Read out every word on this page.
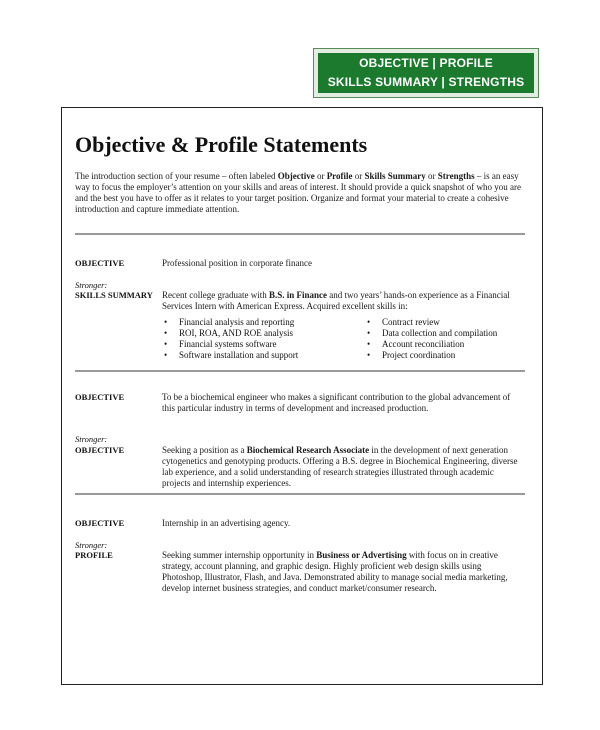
OBJECTIVE | PROFILE
SKILLS SUMMARY | STRENGTHS
Objective & Profile Statements

The introduction section of your resume – often labeled Objective or Profile or Skills Summary or Strengths – is an easy way to focus the employer’s attention on your skills and areas of interest. It should provide a quick snapshot of who you are and the best you have to offer as it relates to your target position. Organize and format your material to create a cohesive introduction and capture immediate attention.

OBJECTIVE	Professional position in corporate finance

Stronger:

SKILLS SUMMARY Recent college graduate with B.S. in Finance and two years’ hands-on experience as a Financial Services Intern with American Express. Acquired excellent skills in:

• Financial analysis and reporting
• ROI, ROA, AND ROE analysis
• Financial systems software
• Software installation and support
• Contract review
• Data collection and compilation
• Account reconciliation
• Project coordination

OBJECTIVE	To be a biochemical engineer who makes a significant contribution to the global advancement of this particular industry in terms of development and increased production.

Stronger:

OBJECTIVE	Seeking a position as a Biochemical Research Associate in the development of next generation cytogenetics and genotyping products. Offering a B.S. degree in Biochemical Engineering, diverse lab experience, and a solid understanding of research strategies illustrated through academic projects and internship experiences.

OBJECTIVE	Internship in an advertising agency.

Stronger:

PROFILE	Seeking summer internship opportunity in Business or Advertising with focus on in creative strategy, account planning, and graphic design. Highly proficient web design skills using Photoshop, Illustrator, Flash, and Java. Demonstrated ability to manage social media marketing, develop internet business strategies, and conduct market/consumer research.
